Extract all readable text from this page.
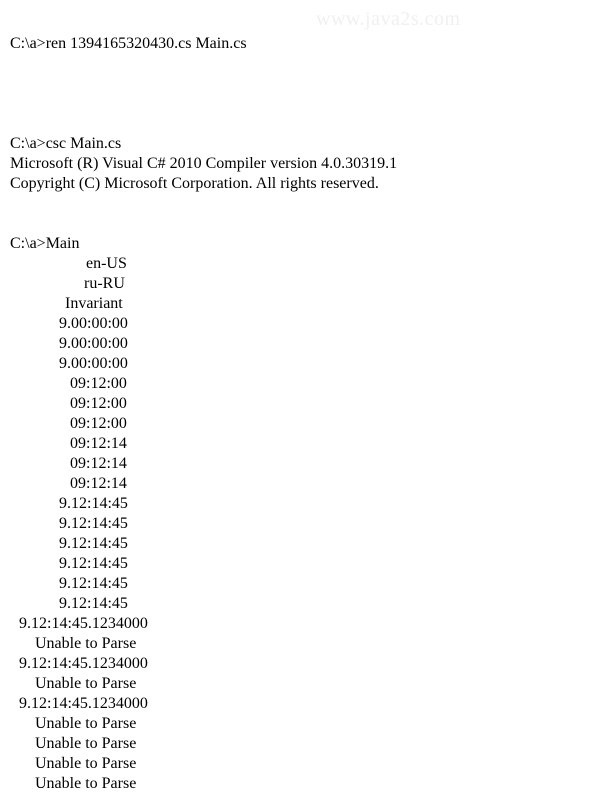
www.java2s.com
C:\a>ren 1394165320430.cs Main.cs
C:\a>csc Main.cs
Microsoft (R) Visual C# 2010 Compiler version 4.0.30319.1
Copyright (C) Microsoft Corporation. All rights reserved.
C:\a>Main
en-US
ru-RU
Invariant
9.00:00:00
9.00:00:00
9.00:00:00
09:12:00
09:12:00
09:12:00
09:12:14
09:12:14
09:12:14
9.12:14:45
9.12:14:45
9.12:14:45
9.12:14:45
9.12:14:45
9.12:14:45
9.12:14:45.1234000
Unable to Parse
9.12:14:45.1234000
Unable to Parse
9.12:14:45.1234000
Unable to Parse
Unable to Parse
Unable to Parse
Unable to Parse
